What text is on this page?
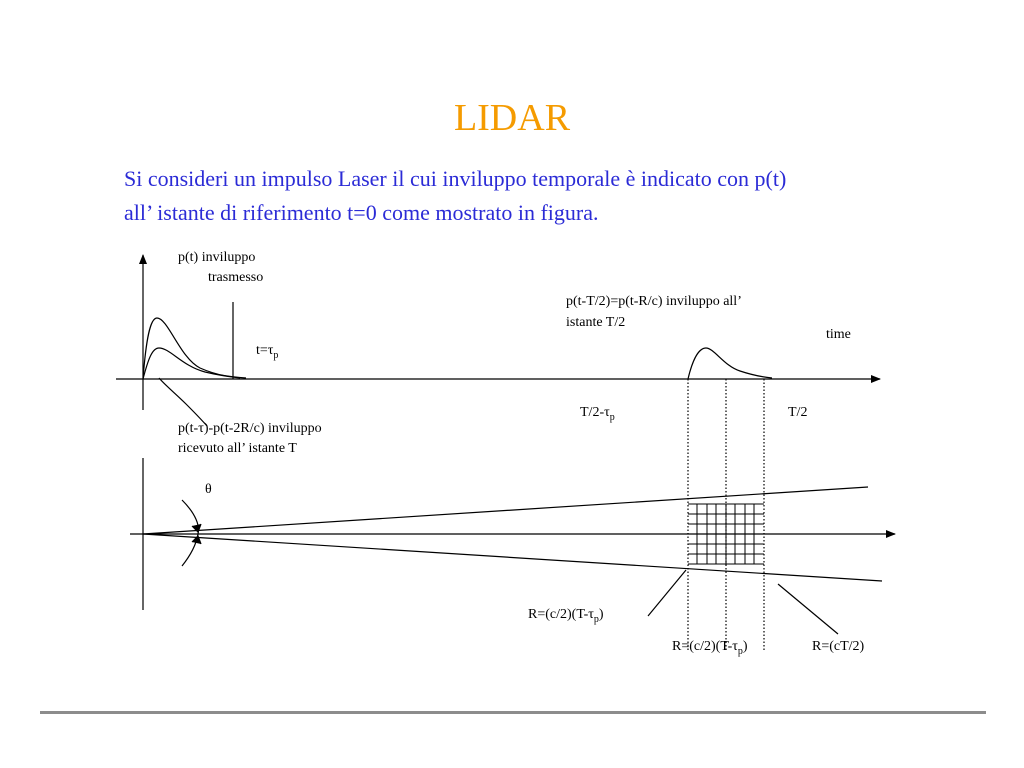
LIDAR
Si consideri un impulso Laser il cui inviluppo temporale è indicato con p(t)
all’ istante di riferimento t=0 come mostrato in figura.
p(t) inviluppo
trasmesso
$t=\tau_p$
p(t-T/2)=p(t-R/c) inviluppo all’
istante T/2
time
$T/2-\tau_p$	T/2
p(t-τ)-p(t-2R/c) inviluppo
ricevuto all’ istante T
θ
$R=(c/2)(T-\tau_p)$
$R=(c/2)(T-\tau_p)$	R=(cT/2)
